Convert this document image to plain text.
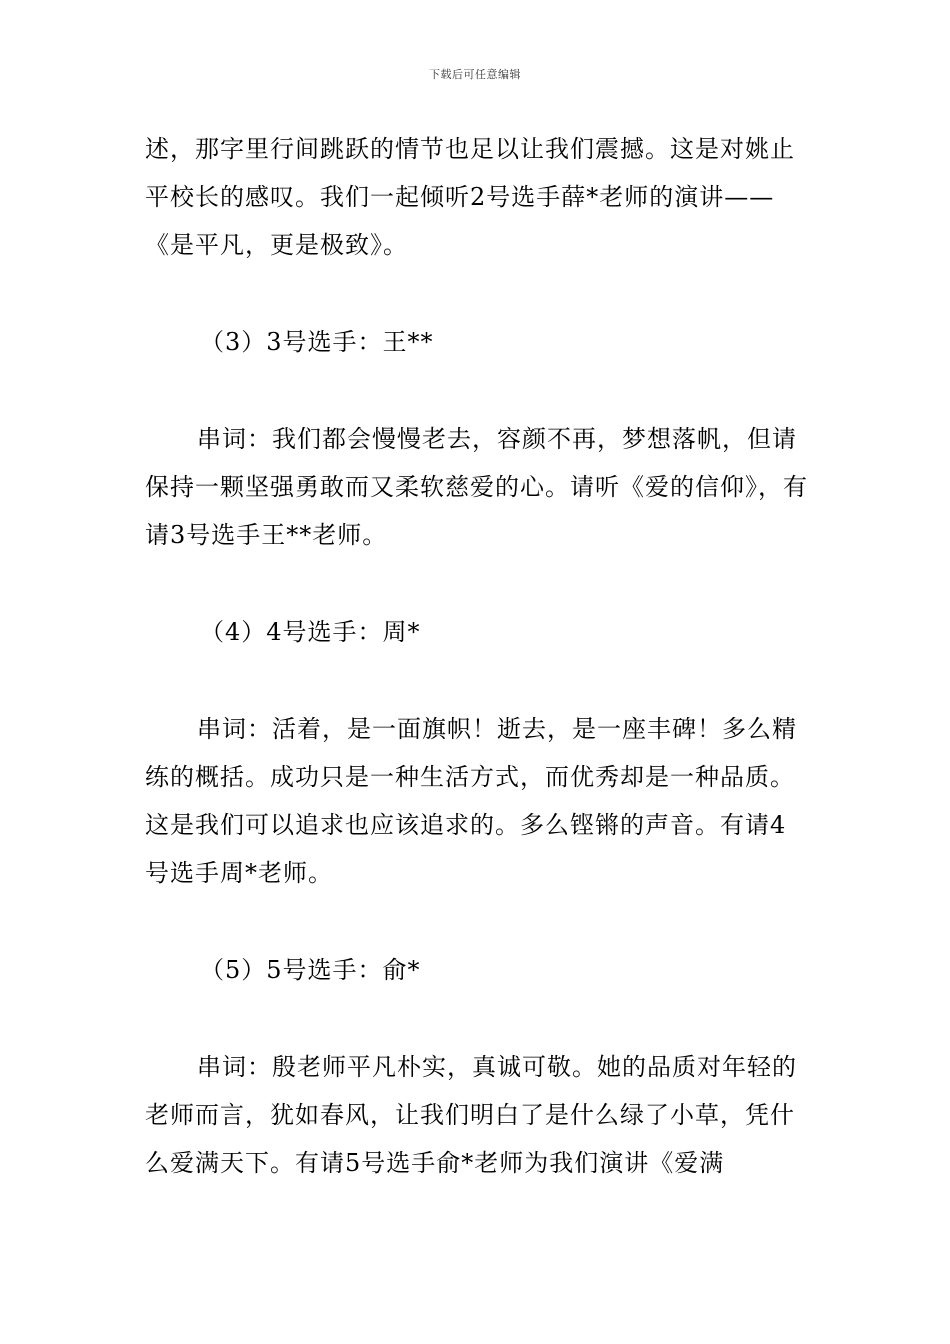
下载后可任意编辑

述，那字里行间跳跃的情节也足以让我们震撼。这是对姚止平校长的感叹。我们一起倾听2号选手薛*老师的演讲——《是平凡，更是极致》。

（3）3号选手：王**

串词：我们都会慢慢老去，容颜不再，梦想落帆，但请保持一颗坚强勇敢而又柔软慈爱的心。请听《爱的信仰》，有请3号选手王**老师。

（4）4号选手：周*

串词：活着，是一面旗帜！逝去，是一座丰碑！多么精练的概括。成功只是一种生活方式，而优秀却是一种品质。这是我们可以追求也应该追求的。多么铿锵的声音。有请4号选手周*老师。

（5）5号选手：俞*

串词：殷老师平凡朴实，真诚可敬。她的品质对年轻的老师而言，犹如春风，让我们明白了是什么绿了小草，凭什么爱满天下。有请5号选手俞*老师为我们演讲《爱满
